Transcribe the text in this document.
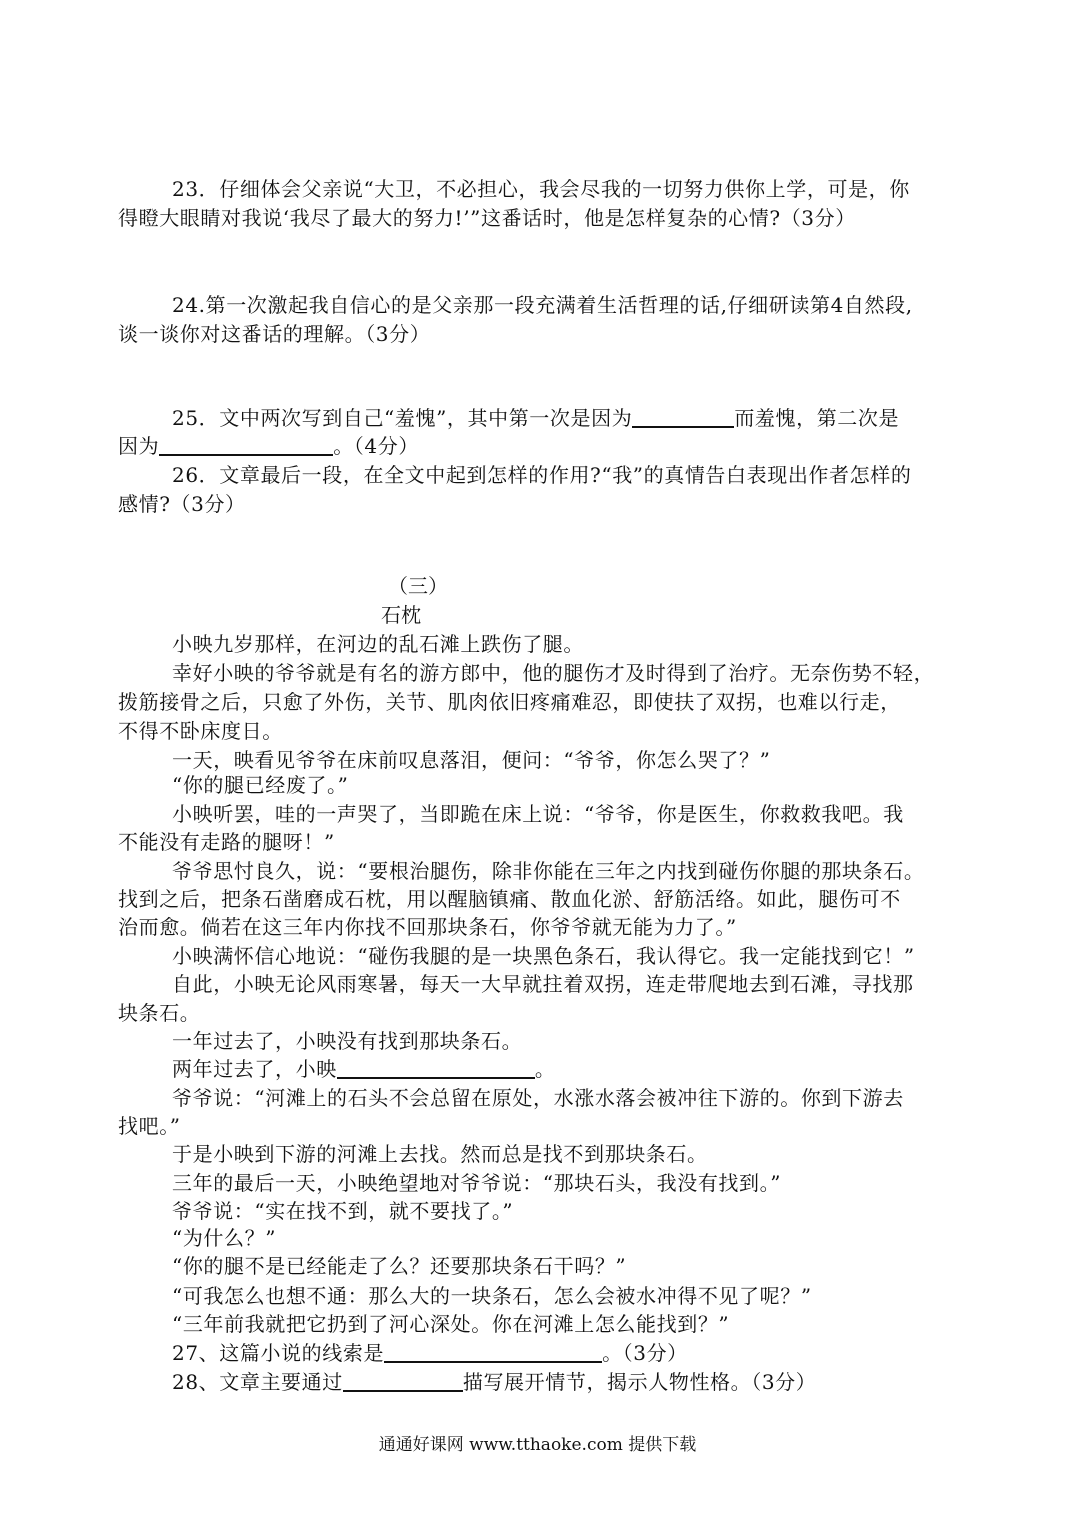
23．仔细体会父亲说“大卫，不必担心，我会尽我的一切努力供你上学，可是，你
得瞪大眼睛对我说‘我尽了最大的努力!’”这番话时，他是怎样复杂的心情?（3分）
24.第一次激起我自信心的是父亲那一段充满着生活哲理的话,仔细研读第4自然段,
谈一谈你对这番话的理解。（3分）
25．文中两次写到自己“羞愧”，其中第一次是因为	而羞愧，第二次是
因为	。（4分）
26．文章最后一段，在全文中起到怎样的作用?“我”的真情告白表现出作者怎样的
感情?（3分）
（三）
石枕
小映九岁那样，在河边的乱石滩上跌伤了腿。
幸好小映的爷爷就是有名的游方郎中，他的腿伤才及时得到了治疗。无奈伤势不轻，
拨筋接骨之后，只愈了外伤，关节、肌肉依旧疼痛难忍，即使扶了双拐，也难以行走，
不得不卧床度日。
一天，映看见爷爷在床前叹息落泪，便问：“爷爷，你怎么哭了？”
“你的腿已经废了。”
小映听罢，哇的一声哭了，当即跪在床上说：“爷爷，你是医生，你救救我吧。我
不能没有走路的腿呀！”
爷爷思忖良久，说：“要根治腿伤，除非你能在三年之内找到碰伤你腿的那块条石。
找到之后，把条石凿磨成石枕，用以醒脑镇痛、散血化淤、舒筋活络。如此，腿伤可不
治而愈。倘若在这三年内你找不回那块条石，你爷爷就无能为力了。”
小映满怀信心地说：“碰伤我腿的是一块黑色条石，我认得它。我一定能找到它！”
自此，小映无论风雨寒暑，每天一大早就拄着双拐，连走带爬地去到石滩，寻找那
块条石。
一年过去了，小映没有找到那块条石。
两年过去了，小映	。
爷爷说：“河滩上的石头不会总留在原处，水涨水落会被冲往下游的。你到下游去
找吧。”
于是小映到下游的河滩上去找。然而总是找不到那块条石。
三年的最后一天，小映绝望地对爷爷说：“那块石头，我没有找到。”
爷爷说：“实在找不到，就不要找了。”
“为什么？”
“你的腿不是已经能走了么？还要那块条石干吗？”
“可我怎么也想不通：那么大的一块条石，怎么会被水冲得不见了呢？”
“三年前我就把它扔到了河心深处。你在河滩上怎么能找到？”
27、这篇小说的线索是	。（3分）
28、文章主要通过	描写展开情节，揭示人物性格。（3分）
通通好课网 www.tthaoke.com 提供下载
